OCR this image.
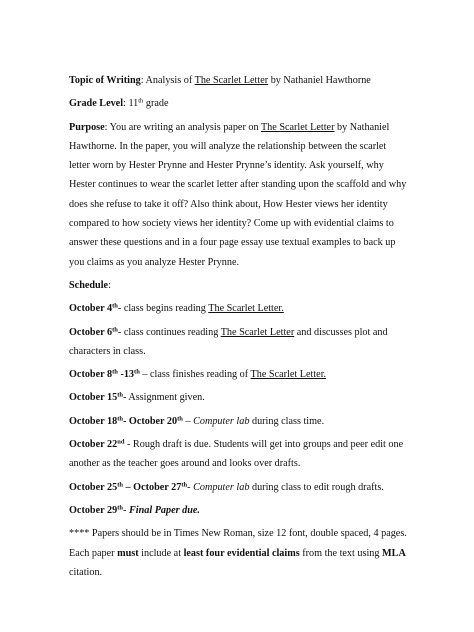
Topic of Writing: Analysis of The Scarlet Letter by Nathaniel Hawthorne

Grade Level: 11th grade

Purpose: You are writing an analysis paper on The Scarlet Letter by Nathaniel Hawthorne. In the paper, you will analyze the relationship between the scarlet letter worn by Hester Prynne and Hester Prynne’s identity. Ask yourself, why Hester continues to wear the scarlet letter after standing upon the scaffold and why does she refuse to take it off? Also think about, How Hester views her identity compared to how society views her identity? Come up with evidential claims to answer these questions and in a four page essay use textual examples to back up you claims as you analyze Hester Prynne.

Schedule:

October 4th- class begins reading The Scarlet Letter.

October 6th- class continues reading The Scarlet Letter and discusses plot and characters in class.

October 8th -13th – class finishes reading of The Scarlet Letter.

October 15th- Assignment given.

October 18th- October 20th – Computer lab during class time.

October 22nd - Rough draft is due. Students will get into groups and peer edit one another as the teacher goes around and looks over drafts.

October 25th – October 27th- Computer lab during class to edit rough drafts.

October 29th- Final Paper due.

**** Papers should be in Times New Roman, size 12 font, double spaced, 4 pages. Each paper must include at least four evidential claims from the text using MLA citation.
